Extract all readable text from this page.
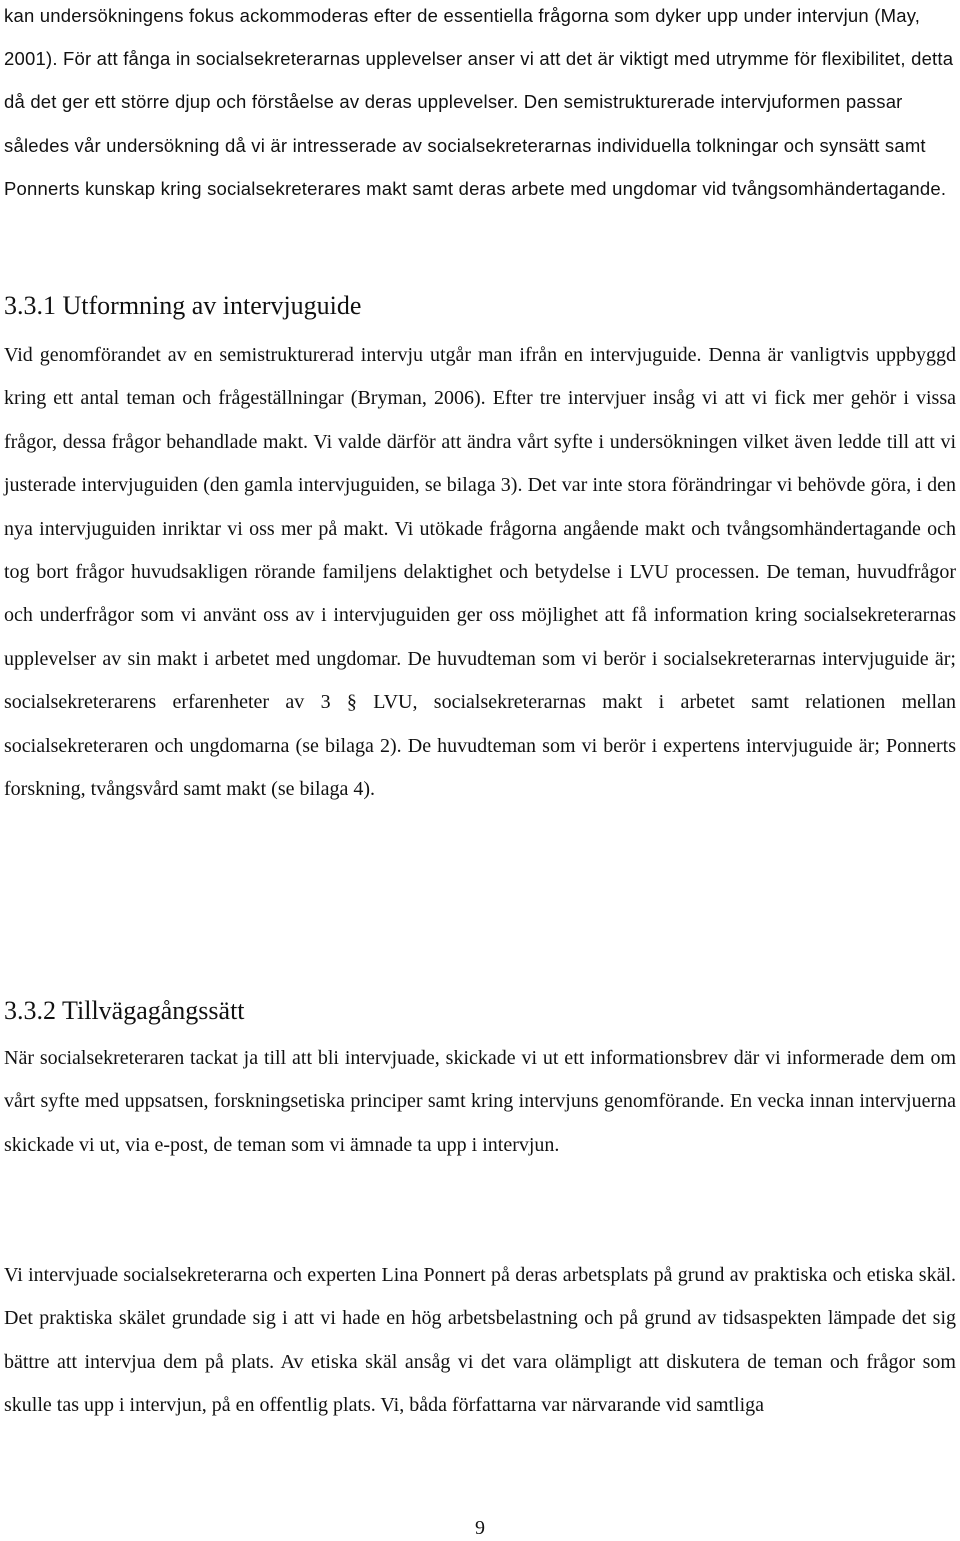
kan undersökningens fokus ackommoderas efter de essentiella frågorna som dyker upp under intervjun (May, 2001). För att fånga in socialsekreterarnas upplevelser anser vi att det är viktigt med utrymme för flexibilitet, detta då det ger ett större djup och förståelse av deras upplevelser. Den semistrukturerade intervjuformen passar således vår undersökning då vi är intresserade av socialsekreterarnas individuella tolkningar och synsätt samt Ponnerts kunskap kring socialsekreterares makt samt deras arbete med ungdomar vid tvångsomhändertagande.

3.3.1 Utformning av intervjuguide

Vid genomförandet av en semistrukturerad intervju utgår man ifrån en intervjuguide. Denna är vanligtvis uppbyggd kring ett antal teman och frågeställningar (Bryman, 2006). Efter tre intervjuer insåg vi att vi fick mer gehör i vissa frågor, dessa frågor behandlade makt. Vi valde därför att ändra vårt syfte i undersökningen vilket även ledde till att vi justerade intervjuguiden (den gamla intervjuguiden, se bilaga 3). Det var inte stora förändringar vi behövde göra, i den nya intervjuguiden inriktar vi oss mer på makt. Vi utökade frågorna angående makt och tvångsomhändertagande och tog bort frågor huvudsakligen rörande familjens delaktighet och betydelse i LVU processen. De teman, huvudfrågor och underfrågor som vi använt oss av i intervjuguiden ger oss möjlighet att få information kring socialsekreterarnas upplevelser av sin makt i arbetet med ungdomar. De huvudteman som vi berör i socialsekreterarnas intervjuguide är; socialsekreterarens erfarenheter av 3 § LVU, socialsekreterarnas makt i arbetet samt relationen mellan socialsekreteraren och ungdomarna (se bilaga 2). De huvudteman som vi berör i expertens intervjuguide är; Ponnerts forskning, tvångsvård samt makt (se bilaga 4).

3.3.2 Tillvägagångssätt

När socialsekreteraren tackat ja till att bli intervjuade, skickade vi ut ett informationsbrev där vi informerade dem om vårt syfte med uppsatsen, forskningsetiska principer samt kring intervjuns genomförande. En vecka innan intervjuerna skickade vi ut, via e-post, de teman som vi ämnade ta upp i intervjun.

Vi intervjuade socialsekreterarna och experten Lina Ponnert på deras arbetsplats på grund av praktiska och etiska skäl. Det praktiska skälet grundade sig i att vi hade en hög arbetsbelastning och på grund av tidsaspekten lämpade det sig bättre att intervjua dem på plats. Av etiska skäl ansåg vi det vara olämpligt att diskutera de teman och frågor som skulle tas upp i intervjun, på en offentlig plats. Vi, båda författarna var närvarande vid samtliga

9
